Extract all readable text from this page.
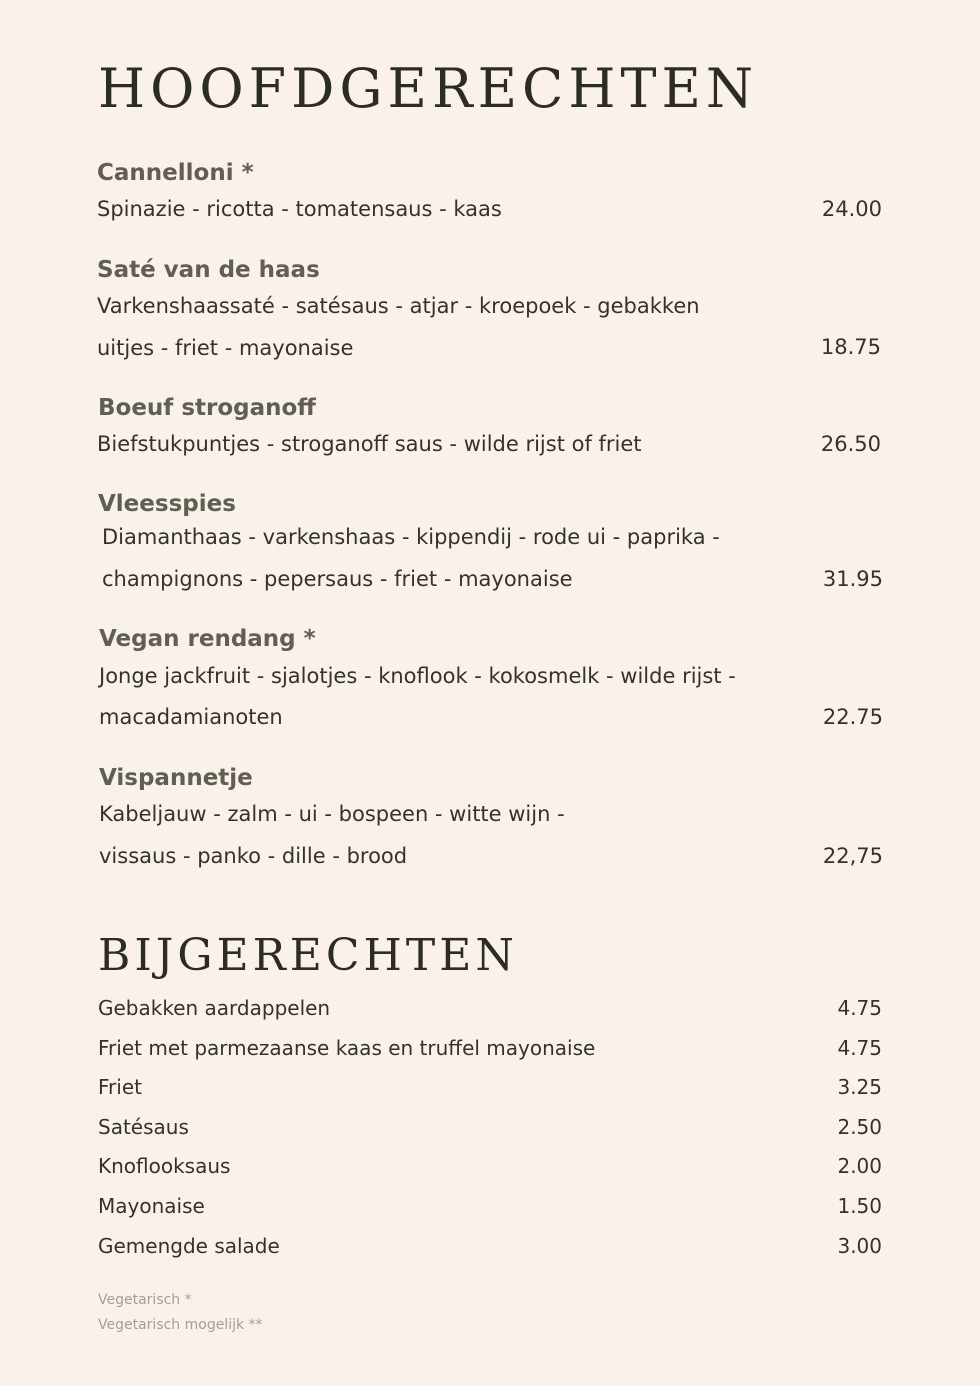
HOOFDGERECHTEN
Cannelloni *
Spinazie - ricotta - tomatensaus - kaas	24.00
Saté van de haas
Varkenshaassaté - satésaus - atjar - kroepoek - gebakken
uitjes - friet - mayonaise	18.75
Boeuf stroganoff
Biefstukpuntjes - stroganoff saus - wilde rijst of friet	26.50
Vleesspies
Diamanthaas - varkenshaas - kippendij - rode ui - paprika -
champignons - pepersaus - friet - mayonaise	31.95
Vegan rendang *
Jonge jackfruit - sjalotjes - knoflook - kokosmelk - wilde rijst -
macadamianoten	22.75
Vispannetje
Kabeljauw - zalm - ui - bospeen - witte wijn -
vissaus - panko - dille - brood	22,75
BIJGERECHTEN
Gebakken aardappelen	4.75
Friet met parmezaanse kaas en truffel mayonaise	4.75
Friet	3.25
Satésaus	2.50
Knoflooksaus	2.00
Mayonaise	1.50
Gemengde salade	3.00
Vegetarisch *
Vegetarisch mogelijk **
